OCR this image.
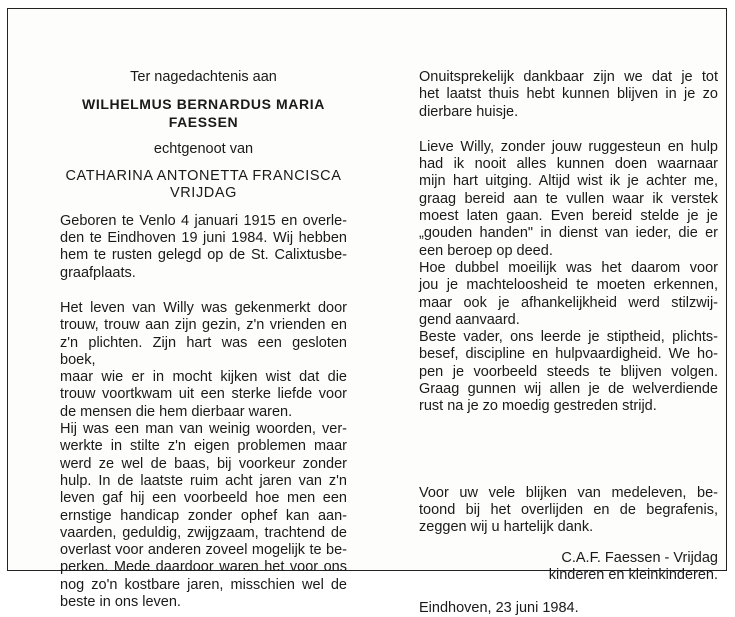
Ter nagedachtenis aan

WILHELMUS BERNARDUS MARIA

FAESSEN

echtgenoot van

CATHARINA ANTONETTA FRANCISCA

VRIJDAG

Geboren te Venlo 4 januari 1915 en overle-

den te Eindhoven 19 juni 1984. Wij hebben

hem te rusten gelegd op de St. Calixtusbe-

graafplaats.

Het leven van Willy was gekenmerkt door

trouw, trouw aan zijn gezin, z'n vrienden en

z'n plichten. Zijn hart was een gesloten boek,

maar wie er in mocht kijken wist dat die

trouw voortkwam uit een sterke liefde voor

de mensen die hem dierbaar waren.

Hij was een man van weinig woorden, ver-

werkte in stilte z'n eigen problemen maar

werd ze wel de baas, bij voorkeur zonder

hulp. In de laatste ruim acht jaren van z'n

leven gaf hij een voorbeeld hoe men een

ernstige handicap zonder ophef kan aan-

vaarden, geduldig, zwijgzaam, trachtend de

overlast voor anderen zoveel mogelijk te be-

perken. Mede daardoor waren het voor ons

nog zo'n kostbare jaren, misschien wel de

beste in ons leven.

Onuitsprekelijk dankbaar zijn we dat je tot

het laatst thuis hebt kunnen blijven in je zo

dierbare huisje.

Lieve Willy, zonder jouw ruggesteun en hulp

had ik nooit alles kunnen doen waarnaar

mijn hart uitging. Altijd wist ik je achter me,

graag bereid aan te vullen waar ik verstek

moest laten gaan. Even bereid stelde je je

„gouden handen" in dienst van ieder, die er

een beroep op deed.

Hoe dubbel moeilijk was het daarom voor

jou je machteloosheid te moeten erkennen,

maar ook je afhankelijkheid werd stilzwij-

gend aanvaard.

Beste vader, ons leerde je stiptheid, plichts-

besef, discipline en hulpvaardigheid. We ho-

pen je voorbeeld steeds te blijven volgen.

Graag gunnen wij allen je de welverdiende

rust na je zo moedig gestreden strijd.

Voor uw vele blijken van medeleven, be-

toond bij het overlijden en de begrafenis,

zeggen wij u hartelijk dank.

C.A.F. Faessen - Vrijdag

kinderen en kleinkinderen.

Eindhoven, 23 juni 1984.
